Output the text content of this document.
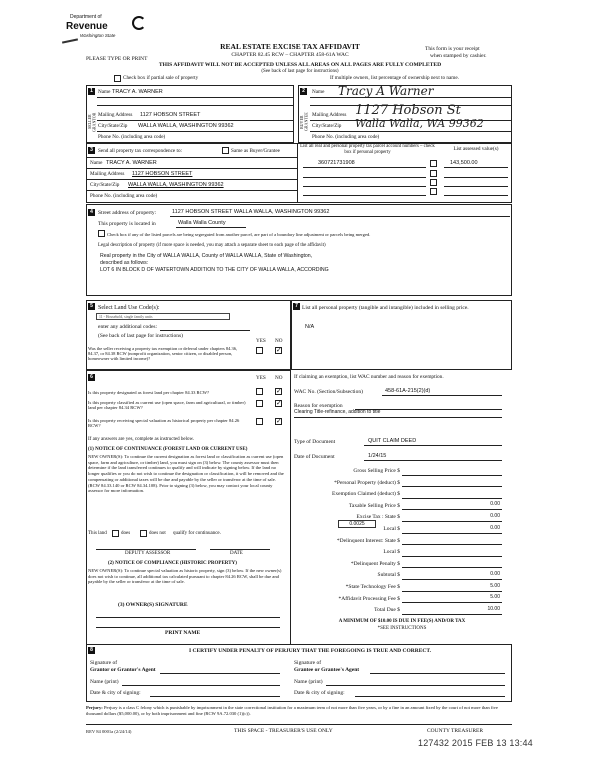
Department of
Revenue
Washington State
REAL ESTATE EXCISE TAX AFFIDAVIT
CHAPTER 82.45 RCW – CHAPTER 458-61A WAC
PLEASE TYPE OR PRINT
This form is your receipt
when stamped by cashier.
THIS AFFIDAVIT WILL NOT BE ACCEPTED UNLESS ALL AREAS ON ALL PAGES ARE FULLY COMPLETED
(See back of last page for instructions)
Check box if partial sale of property	If multiple owners, list percentage of ownership next to name.
1	2
SELLER GRANTOR	BUYER GRANTEE
Name TRACY A. WARNER
Mailing Address 1127 HOBSON STREET
City/State/Zip WALLA WALLA, WASHINGTON 99362
Phone No. (including area code)
Name Tracy A Warner
Mailing Address 1127 Hobson St
City/State/Zip Walla Walla, WA 99362
Phone No. (including area code)
3 Send all property tax correspondence to:	Same as Buyer/Grantee
Name TRACY A. WARNER
Mailing Address 1127 HOBSON STREET
City/State/Zip WALLA WALLA, WASHINGTON 99362
Phone No. (including area code)
List all real and personal property tax parcel account numbers – check box if personal property
List assessed value(s)
360721731908	143,500.00
4 Street address of property:	1127 HOBSON STREET WALLA WALLA, WASHINGTON 99362
This property is located in	Walla Walla County
Check box if any of the listed parcels are being segregated from another parcel, are part of a boundary line adjustment or parcels being merged.
Legal description of property (if more space is needed, you may attach a separate sheet to each page of the affidavit)
Real property in the City of WALLA WALLA, County of WALLA WALLA, State of Washington,
described as follows:
LOT 6 IN BLOCK D OF WATERTOWN ADDITION TO THE CITY OF WALLA WALLA, ACCORDING
5	7
Select Land Use Code(s):
11 - Household, single family units
enter any additional codes:
(See back of last page for instructions)
YES NO
Was the seller receiving a property tax exemption or deferral under chapters 84.36, 84.37, or 84.38 RCW (nonprofit organization, senior citizen, or disabled person, homeowner with limited income)?
✓
List all personal property (tangible and intangible) included in selling price.
N/A
6	YES NO
Is this property designated as forest land per chapter 84.33 RCW?
✓
Is this property classified as current use (open space, farm and agricultural, or timber) land per chapter 84.34 RCW?
✓
Is this property receiving special valuation as historical property per chapter 84.26 RCW?
✓
If any answers are yes, complete as instructed below.
(1) NOTICE OF CONTINUANCE (FOREST LAND OR CURRENT USE)
NEW OWNER(S): To continue the current designation as forest land or classification as current use (open space, farm and agriculture, or timber) land, you must sign on (3) below. The county assessor must then determine if the land transferred continues to qualify and will indicate by signing below. If the land no longer qualifies or you do not wish to continue the designation or classification, it will be removed and the compensating or additional taxes will be due and payable by the seller or transferor at the time of sale. (RCW 84.33.140 or RCW 84.34.108). Prior to signing (3) below, you may contact your local county assessor for more information.
This land	does	does not qualify for continuance.
DEPUTY ASSESSOR	DATE
(2) NOTICE OF COMPLIANCE (HISTORIC PROPERTY)
NEW OWNER(S): To continue special valuation as historic property, sign (3) below. If the new owner(s) does not wish to continue, all additional tax calculated pursuant to chapter 84.26 RCW, shall be due and payable by the seller or transferor at the time of sale.
(3) OWNER(S) SIGNATURE
PRINT NAME
If claiming an exemption, list WAC number and reason for exemption.
WAC No. (Section/Subsection)	458-61A-215(2)(d)
Reason for exemption
Clearing Title-refinance, addition to title
Type of Document	QUIT CLAIM DEED
Date of Document	1/24/15
Gross Selling Price $
*Personal Property (deduct) $
Exemption Claimed (deduct) $
Taxable Selling Price $	0.00
Excise Tax : State $	0.00
Local $	0.00
*Delinquent Interest: State $
Local $
*Delinquent Penalty $
Subtotal $	0.00
*State Technology Fee $	5.00
*Affidavit Processing Fee $	5.00
Total Due $	10.00
0.0025
A MINIMUM OF $10.00 IS DUE IN FEE(S) AND/OR TAX
*SEE INSTRUCTIONS
8	I CERTIFY UNDER PENALTY OF PERJURY THAT THE FOREGOING IS TRUE AND CORRECT.
Signature of
Grantor or Grantor's Agent
Signature of
Grantee or Grantee's Agent
Name (print)	Name (print)
Date & city of signing:	Date & city of signing:
Perjury: Perjury is a class C felony which is punishable by imprisonment in the state correctional institution for a maximum term of not more than five years, or by a fine in an amount fixed by the court of not more than five thousand dollars ($5,000.00), or by both imprisonment and fine (RCW 9A.72.030 (1)(c)).
REV 84 0001a (2/24/14)	THIS SPACE - TREASURER'S USE ONLY	COUNTY TREASURER
127432 2015 FEB 13 13:44
